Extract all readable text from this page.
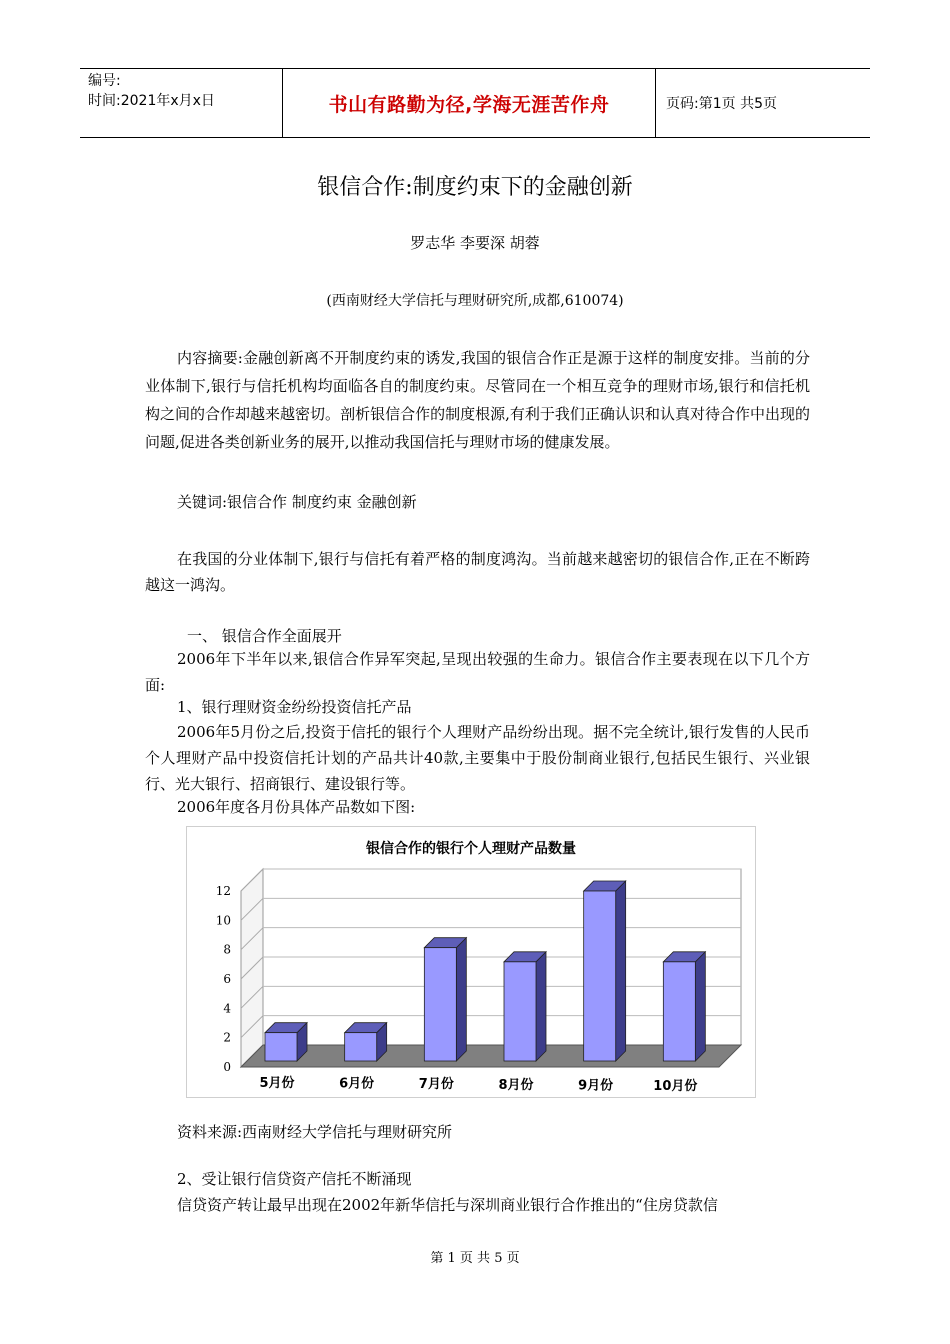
编号:
时间:2021年x月x日	书山有路勤为径,学海无涯苦作舟	页码:第1页 共5页
银信合作:制度约束下的金融创新
罗志华 李要深 胡蓉
(西南财经大学信托与理财研究所,成都,610074)
内容摘要:金融创新离不开制度约束的诱发,我国的银信合作正是源于这样的制度安排。当前的分业体制下,银行与信托机构均面临各自的制度约束。尽管同在一个相互竞争的理财市场,银行和信托机构之间的合作却越来越密切。剖析银信合作的制度根源,有利于我们正确认识和认真对待合作中出现的问题,促进各类创新业务的展开,以推动我国信托与理财市场的健康发展。
关键词:银信合作 制度约束 金融创新
在我国的分业体制下,银行与信托有着严格的制度鸿沟。当前越来越密切的银信合作,正在不断跨越这一鸿沟。
一、 银信合作全面展开
2006年下半年以来,银信合作异军突起,呈现出较强的生命力。银信合作主要表现在以下几个方面:
1、银行理财资金纷纷投资信托产品
2006年5月份之后,投资于信托的银行个人理财产品纷纷出现。据不完全统计,银行发售的人民币个人理财产品中投资信托计划的产品共计40款,主要集中于股份制商业银行,包括民生银行、兴业银行、光大银行、招商银行、建设银行等。
2006年度各月份具体产品数如下图:
银信合作的银行个人理财产品数量
0
2
4
6
8
10
12
5月份	6月份	7月份	8月份	9月份	10月份
资料来源:西南财经大学信托与理财研究所
2、受让银行信贷资产信托不断涌现
信贷资产转让最早出现在2002年新华信托与深圳商业银行合作推出的“住房贷款信
第 1 页 共 5 页
